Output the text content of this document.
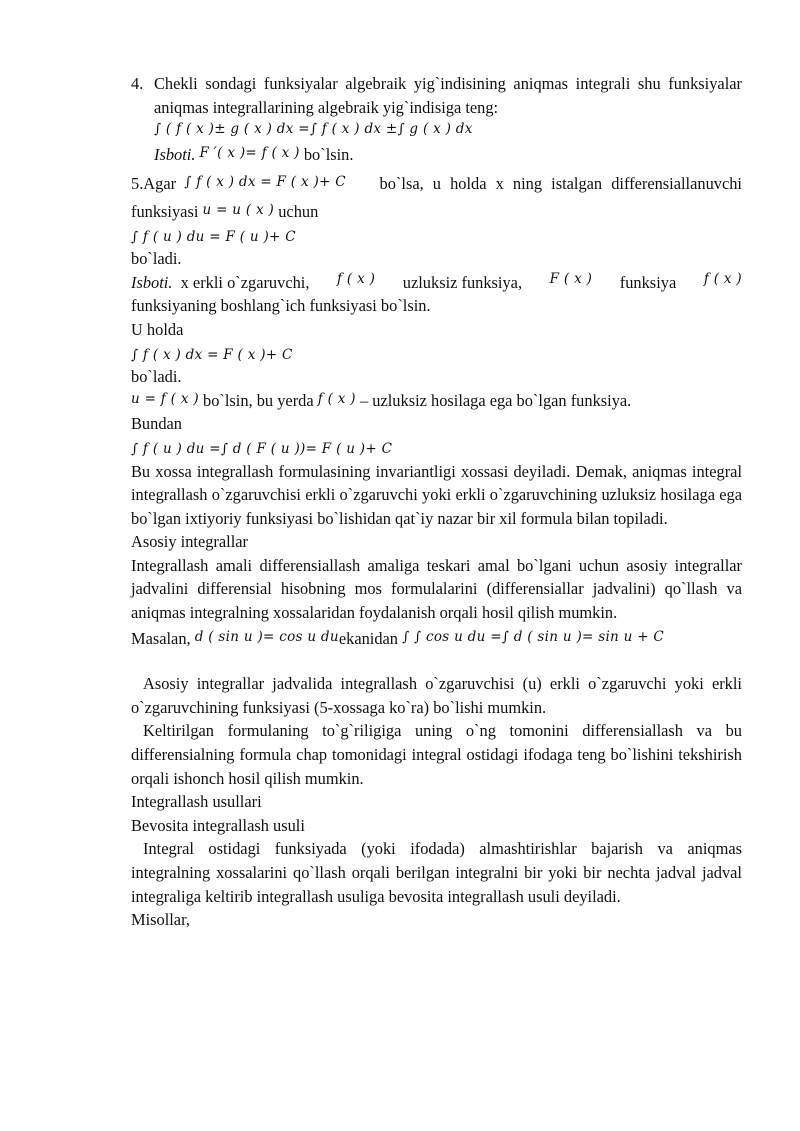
4. Chekli sondagi funksiyalar algebraik yig`indisining aniqmas integrali shu funksiyalar aniqmas integrallarining algebraik yig`indisiga teng:

∫ ( f ( x )± g ( x ) dx =∫ f ( x ) dx ±∫ g ( x ) dx
Isboti. F ′( x )= f ( x ) bo`lsin.
5.Agar ∫ f ( x ) dx = F ( x )+ C bo`lsa, u holda x ning istalgan differensiallanuvchi
funksiyasi u = u ( x ) uchun
∫ f ( u ) du = F ( u )+ C
bo`ladi.
Isboti. x erkli o`zgaruvchi, f ( x ) uzluksiz funksiya, F ( x ) funksiya f ( x )
funksiyaning boshlang`ich funksiyasi bo`lsin.
U holda
∫ f ( x ) dx = F ( x )+ C
bo`ladi.
u = f ( x ) bo`lsin, bu yerda f ( x ) – uzluksiz hosilaga ega bo`lgan funksiya.
Bundan
∫ f ( u ) du =∫ d ( F ( u ))= F ( u )+ C

Bu xossa integrallash formulasining invariantligi xossasi deyiladi. Demak, aniqmas integral integrallash o`zgaruvchisi erkli o`zgaruvchi yoki erkli o`zgaruvchining uzluksiz hosilaga ega bo`lgan ixtiyoriy funksiyasi bo`lishidan qat`iy nazar bir xil formula bilan topiladi.

Asosiy integrallar

Integrallash amali differensiallash amaliga teskari amal bo`lgani uchun asosiy integrallar jadvalini differensial hisobning mos formulalarini (differensiallar jadvalini) qo`llash va aniqmas integralning xossalaridan foydalanish orqali hosil qilish mumkin.

Masalan, d ( sin u )= cos u duekanidan ∫ ∫ cos u du =∫ d ( sin u )= sin u + C

Asosiy integrallar jadvalida integrallash o`zgaruvchisi (u) erkli o`zgaruvchi yoki erkli o`zgaruvchining funksiyasi (5-xossaga ko`ra) bo`lishi mumkin.

Keltirilgan formulaning to`g`riligiga uning o`ng tomonini differensiallash va bu differensialning formula chap tomonidagi integral ostidagi ifodaga teng bo`lishini tekshirish orqali ishonch hosil qilish mumkin.

Integrallash usullari
Bevosita integrallash usuli

Integral ostidagi funksiyada (yoki ifodada) almashtirishlar bajarish va aniqmas integralning xossalarini qo`llash orqali berilgan integralni bir yoki bir nechta jadval jadval integraliga keltirib integrallash usuliga bevosita integrallash usuli deyiladi.

Misollar,
